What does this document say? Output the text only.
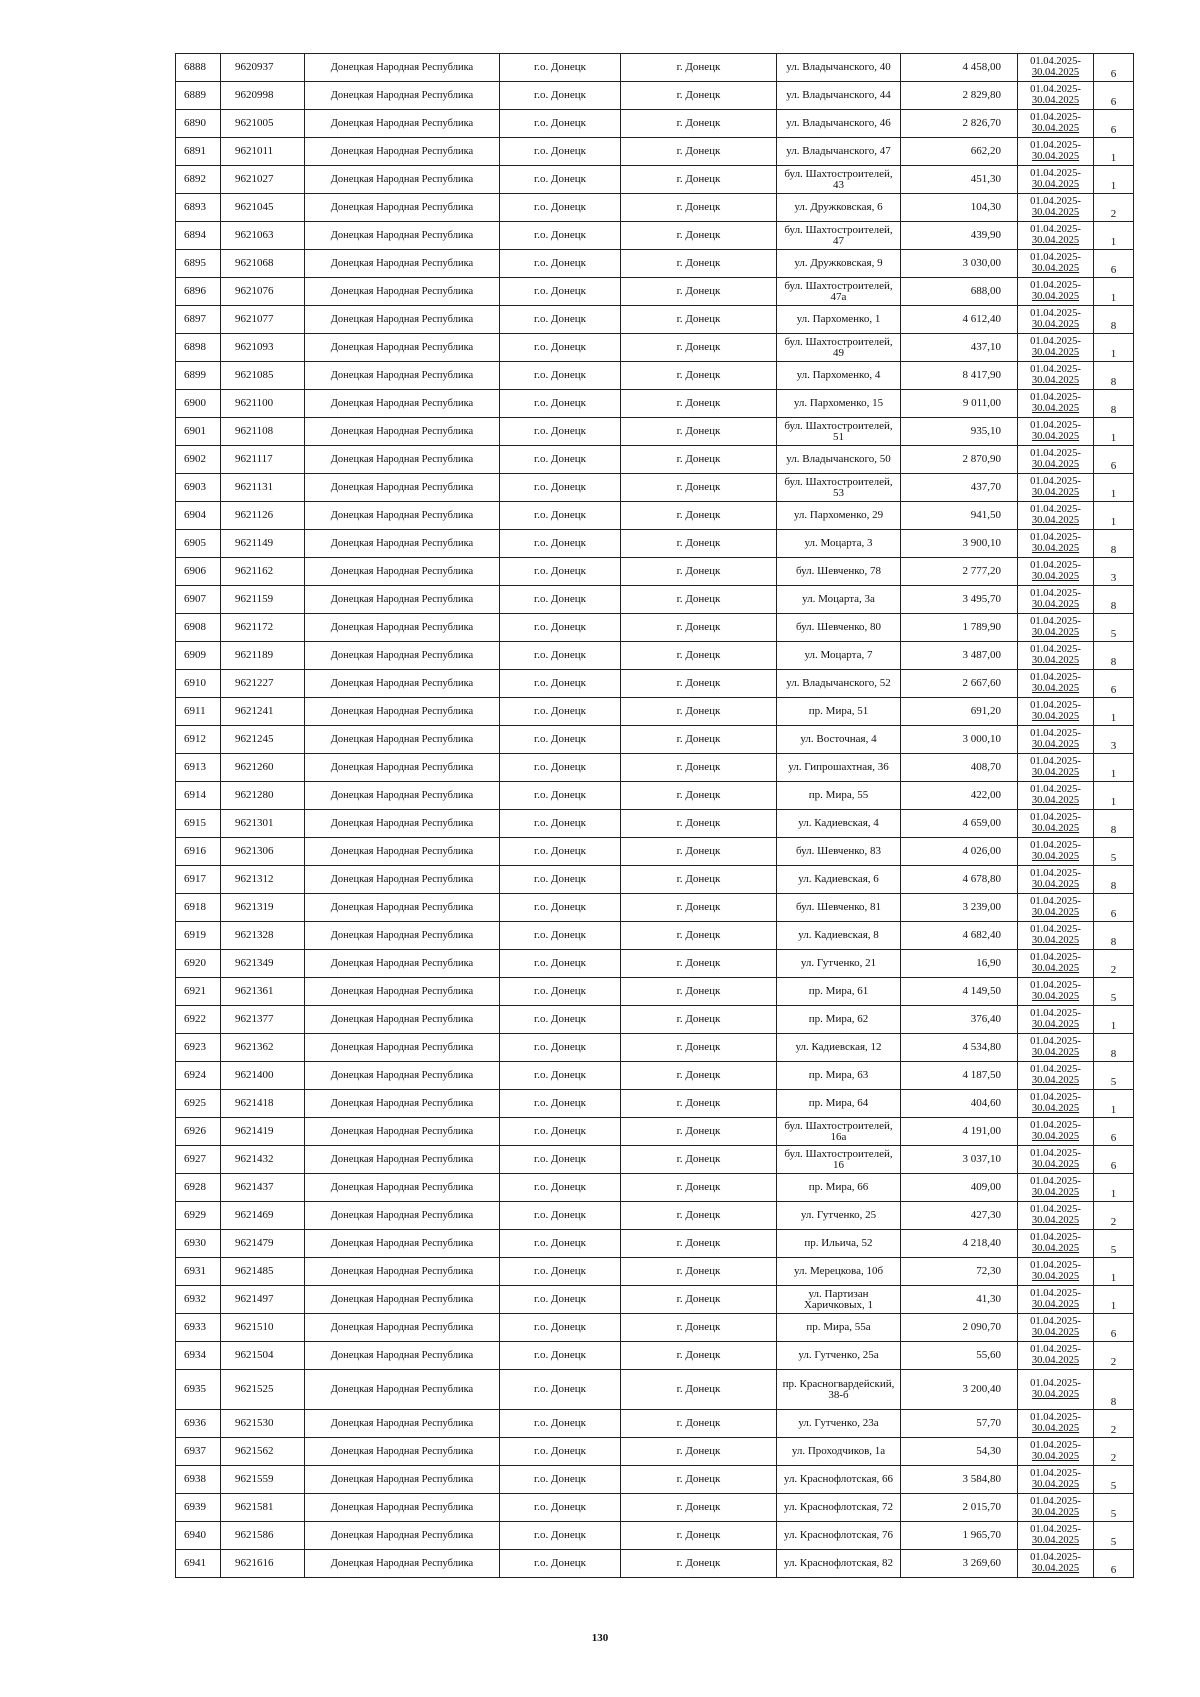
6888	9620937	Донецкая Народная Республика	г.о. Донецк	г. Донецк	ул. Владычанского, 40	4 458,00	01.04.2025-
30.04.2025	6
6889	9620998	Донецкая Народная Республика	г.о. Донецк	г. Донецк	ул. Владычанского, 44	2 829,80	01.04.2025-
30.04.2025	6
6890	9621005	Донецкая Народная Республика	г.о. Донецк	г. Донецк	ул. Владычанского, 46	2 826,70	01.04.2025-
30.04.2025	6
6891	9621011	Донецкая Народная Республика	г.о. Донецк	г. Донецк	ул. Владычанского, 47	662,20	01.04.2025-
30.04.2025	1
6892	9621027	Донецкая Народная Республика	г.о. Донецк	г. Донецк	бул. Шахтостроителей, 43	451,30	01.04.2025-
30.04.2025	1
6893	9621045	Донецкая Народная Республика	г.о. Донецк	г. Донецк	ул. Дружковская, 6	104,30	01.04.2025-
30.04.2025	2
6894	9621063	Донецкая Народная Республика	г.о. Донецк	г. Донецк	бул. Шахтостроителей, 47	439,90	01.04.2025-
30.04.2025	1
6895	9621068	Донецкая Народная Республика	г.о. Донецк	г. Донецк	ул. Дружковская, 9	3 030,00	01.04.2025-
30.04.2025	6
6896	9621076	Донецкая Народная Республика	г.о. Донецк	г. Донецк	бул. Шахтостроителей, 47а	688,00	01.04.2025-
30.04.2025	1
6897	9621077	Донецкая Народная Республика	г.о. Донецк	г. Донецк	ул. Пархоменко, 1	4 612,40	01.04.2025-
30.04.2025	8
6898	9621093	Донецкая Народная Республика	г.о. Донецк	г. Донецк	бул. Шахтостроителей, 49	437,10	01.04.2025-
30.04.2025	1
6899	9621085	Донецкая Народная Республика	г.о. Донецк	г. Донецк	ул. Пархоменко, 4	8 417,90	01.04.2025-
30.04.2025	8
6900	9621100	Донецкая Народная Республика	г.о. Донецк	г. Донецк	ул. Пархоменко, 15	9 011,00	01.04.2025-
30.04.2025	8
6901	9621108	Донецкая Народная Республика	г.о. Донецк	г. Донецк	бул. Шахтостроителей, 51	935,10	01.04.2025-
30.04.2025	1
6902	9621117	Донецкая Народная Республика	г.о. Донецк	г. Донецк	ул. Владычанского, 50	2 870,90	01.04.2025-
30.04.2025	6
6903	9621131	Донецкая Народная Республика	г.о. Донецк	г. Донецк	бул. Шахтостроителей, 53	437,70	01.04.2025-
30.04.2025	1
6904	9621126	Донецкая Народная Республика	г.о. Донецк	г. Донецк	ул. Пархоменко, 29	941,50	01.04.2025-
30.04.2025	1
6905	9621149	Донецкая Народная Республика	г.о. Донецк	г. Донецк	ул. Моцарта, 3	3 900,10	01.04.2025-
30.04.2025	8
6906	9621162	Донецкая Народная Республика	г.о. Донецк	г. Донецк	бул. Шевченко, 78	2 777,20	01.04.2025-
30.04.2025	3
6907	9621159	Донецкая Народная Республика	г.о. Донецк	г. Донецк	ул. Моцарта, 3а	3 495,70	01.04.2025-
30.04.2025	8
6908	9621172	Донецкая Народная Республика	г.о. Донецк	г. Донецк	бул. Шевченко, 80	1 789,90	01.04.2025-
30.04.2025	5
6909	9621189	Донецкая Народная Республика	г.о. Донецк	г. Донецк	ул. Моцарта, 7	3 487,00	01.04.2025-
30.04.2025	8
6910	9621227	Донецкая Народная Республика	г.о. Донецк	г. Донецк	ул. Владычанского, 52	2 667,60	01.04.2025-
30.04.2025	6
6911	9621241	Донецкая Народная Республика	г.о. Донецк	г. Донецк	пр. Мира, 51	691,20	01.04.2025-
30.04.2025	1
6912	9621245	Донецкая Народная Республика	г.о. Донецк	г. Донецк	ул. Восточная, 4	3 000,10	01.04.2025-
30.04.2025	3
6913	9621260	Донецкая Народная Республика	г.о. Донецк	г. Донецк	ул. Гипрошахтная, 36	408,70	01.04.2025-
30.04.2025	1
6914	9621280	Донецкая Народная Республика	г.о. Донецк	г. Донецк	пр. Мира, 55	422,00	01.04.2025-
30.04.2025	1
6915	9621301	Донецкая Народная Республика	г.о. Донецк	г. Донецк	ул. Кадиевская, 4	4 659,00	01.04.2025-
30.04.2025	8
6916	9621306	Донецкая Народная Республика	г.о. Донецк	г. Донецк	бул. Шевченко, 83	4 026,00	01.04.2025-
30.04.2025	5
6917	9621312	Донецкая Народная Республика	г.о. Донецк	г. Донецк	ул. Кадиевская, 6	4 678,80	01.04.2025-
30.04.2025	8
6918	9621319	Донецкая Народная Республика	г.о. Донецк	г. Донецк	бул. Шевченко, 81	3 239,00	01.04.2025-
30.04.2025	6
6919	9621328	Донецкая Народная Республика	г.о. Донецк	г. Донецк	ул. Кадиевская, 8	4 682,40	01.04.2025-
30.04.2025	8
6920	9621349	Донецкая Народная Республика	г.о. Донецк	г. Донецк	ул. Гутченко, 21	16,90	01.04.2025-
30.04.2025	2
6921	9621361	Донецкая Народная Республика	г.о. Донецк	г. Донецк	пр. Мира, 61	4 149,50	01.04.2025-
30.04.2025	5
6922	9621377	Донецкая Народная Республика	г.о. Донецк	г. Донецк	пр. Мира, 62	376,40	01.04.2025-
30.04.2025	1
6923	9621362	Донецкая Народная Республика	г.о. Донецк	г. Донецк	ул. Кадиевская, 12	4 534,80	01.04.2025-
30.04.2025	8
6924	9621400	Донецкая Народная Республика	г.о. Донецк	г. Донецк	пр. Мира, 63	4 187,50	01.04.2025-
30.04.2025	5
6925	9621418	Донецкая Народная Республика	г.о. Донецк	г. Донецк	пр. Мира, 64	404,60	01.04.2025-
30.04.2025	1
6926	9621419	Донецкая Народная Республика	г.о. Донецк	г. Донецк	бул. Шахтостроителей, 16а	4 191,00	01.04.2025-
30.04.2025	6
6927	9621432	Донецкая Народная Республика	г.о. Донецк	г. Донецк	бул. Шахтостроителей, 16	3 037,10	01.04.2025-
30.04.2025	6
6928	9621437	Донецкая Народная Республика	г.о. Донецк	г. Донецк	пр. Мира, 66	409,00	01.04.2025-
30.04.2025	1
6929	9621469	Донецкая Народная Республика	г.о. Донецк	г. Донецк	ул. Гутченко, 25	427,30	01.04.2025-
30.04.2025	2
6930	9621479	Донецкая Народная Республика	г.о. Донецк	г. Донецк	пр. Ильича, 52	4 218,40	01.04.2025-
30.04.2025	5
6931	9621485	Донецкая Народная Республика	г.о. Донецк	г. Донецк	ул. Мерецкова, 10б	72,30	01.04.2025-
30.04.2025	1
6932	9621497	Донецкая Народная Республика	г.о. Донецк	г. Донецк	ул. Партизан Харичковых, 1	41,30	01.04.2025-
30.04.2025	1
6933	9621510	Донецкая Народная Республика	г.о. Донецк	г. Донецк	пр. Мира, 55а	2 090,70	01.04.2025-
30.04.2025	6
6934	9621504	Донецкая Народная Республика	г.о. Донецк	г. Донецк	ул. Гутченко, 25а	55,60	01.04.2025-
30.04.2025	2
6935	9621525	Донецкая Народная Республика	г.о. Донецк	г. Донецк	пр. Красногвардейский, 38-б	3 200,40	01.04.2025-
30.04.2025	8
6936	9621530	Донецкая Народная Республика	г.о. Донецк	г. Донецк	ул. Гутченко, 23а	57,70	01.04.2025-
30.04.2025	2
6937	9621562	Донецкая Народная Республика	г.о. Донецк	г. Донецк	ул. Проходчиков, 1а	54,30	01.04.2025-
30.04.2025	2
6938	9621559	Донецкая Народная Республика	г.о. Донецк	г. Донецк	ул. Краснофлотская, 66	3 584,80	01.04.2025-
30.04.2025	5
6939	9621581	Донецкая Народная Республика	г.о. Донецк	г. Донецк	ул. Краснофлотская, 72	2 015,70	01.04.2025-
30.04.2025	5
6940	9621586	Донецкая Народная Республика	г.о. Донецк	г. Донецк	ул. Краснофлотская, 76	1 965,70	01.04.2025-
30.04.2025	5
6941	9621616	Донецкая Народная Республика	г.о. Донецк	г. Донецк	ул. Краснофлотская, 82	3 269,60	01.04.2025-
30.04.2025	6
130
